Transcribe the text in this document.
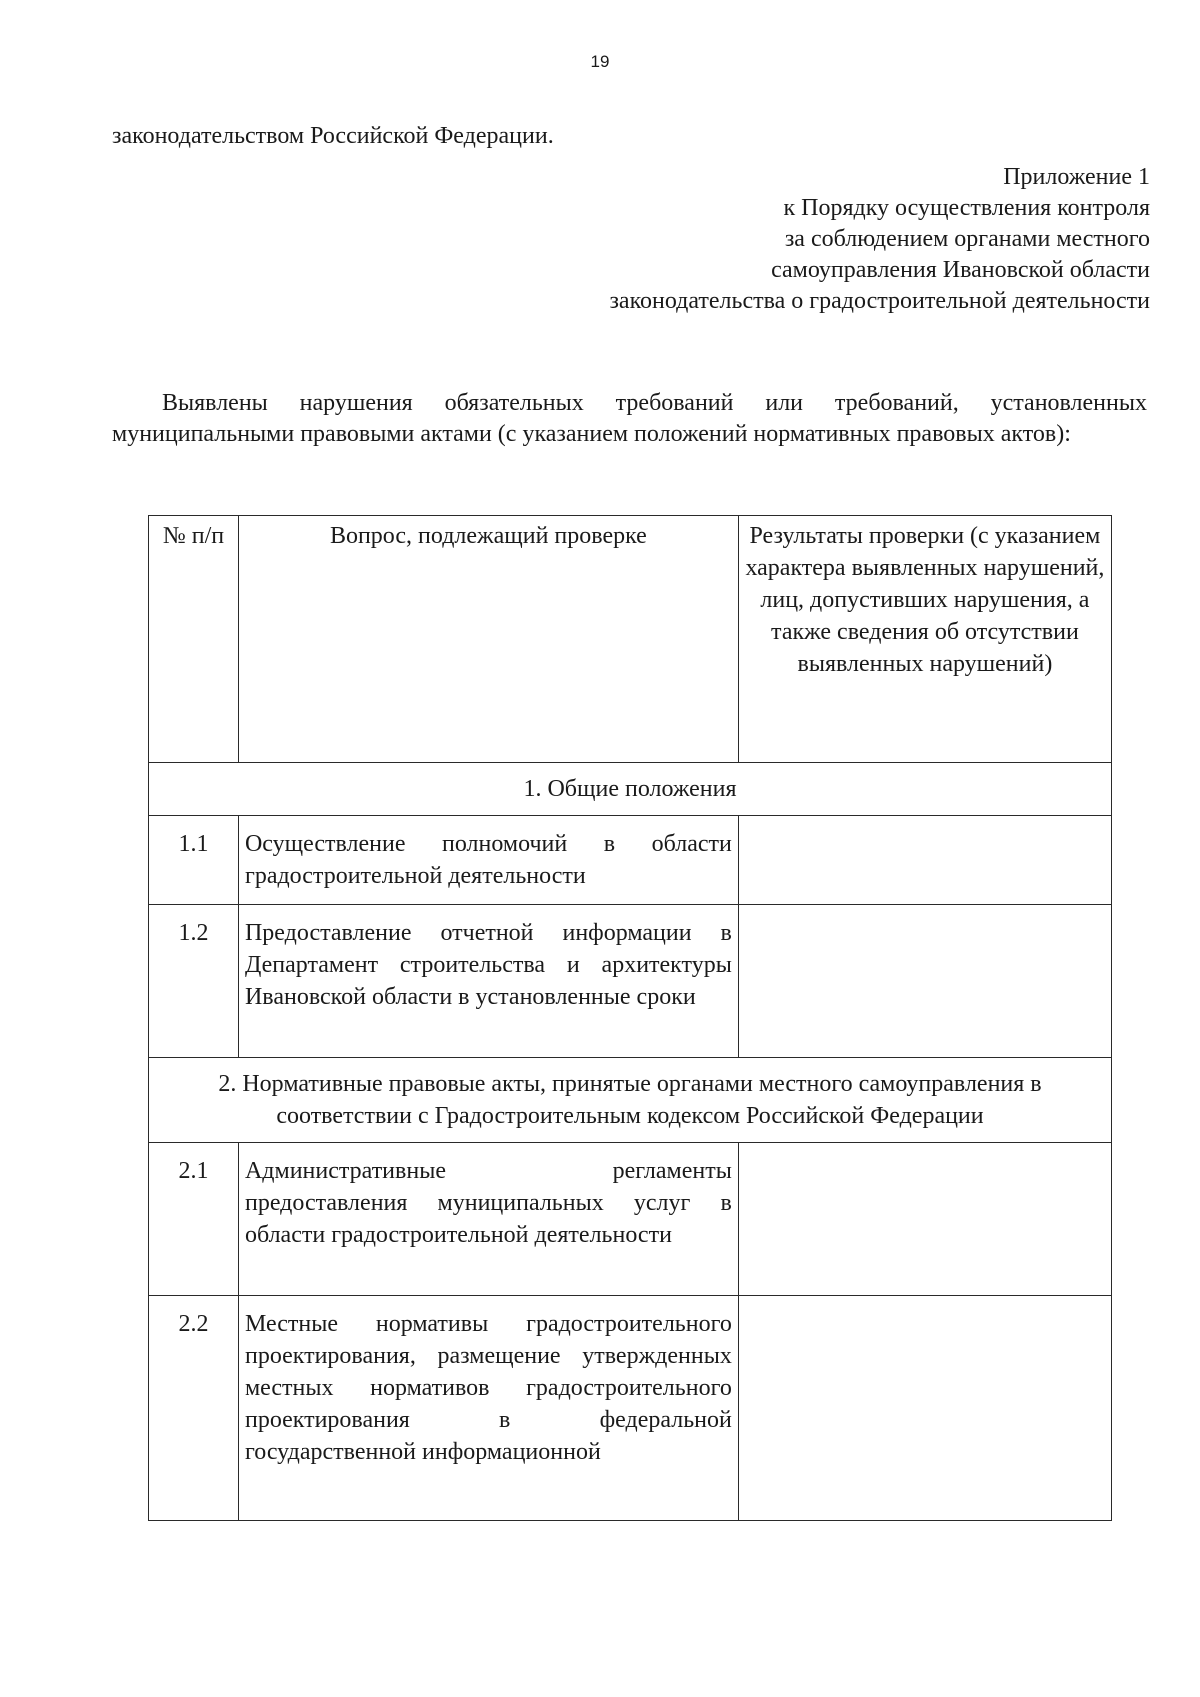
19
законодательством Российской Федерации.
Приложение 1
к Порядку осуществления контроля
за соблюдением органами местного
самоуправления Ивановской области
законодательства о градостроительной деятельности
Выявлены нарушения обязательных требований или требований, установленных муниципальными правовыми актами (с указанием положений нормативных правовых актов):
№ п/п	Вопрос, подлежащий проверке	Результаты проверки (с указанием характера выявленных нарушений, лиц, допустивших нарушения, а также сведения об отсутствии выявленных нарушений)
1. Общие положения		
1.1	Осуществление полномочий в области градостроительной деятельности	
1.2	Предоставление отчетной информации в Департамент строительства и архитектуры Ивановской области в установленные сроки	
2. Нормативные правовые акты, принятые органами местного самоуправления в соответствии с Градостроительным кодексом Российской Федерации		
2.1	Административные регламенты предоставления муниципальных услуг в области градостроительной деятельности	
2.2	Местные нормативы градостроительного проектирования, размещение утвержденных местных нормативов градостроительного проектирования в федеральной государственной информационной	
